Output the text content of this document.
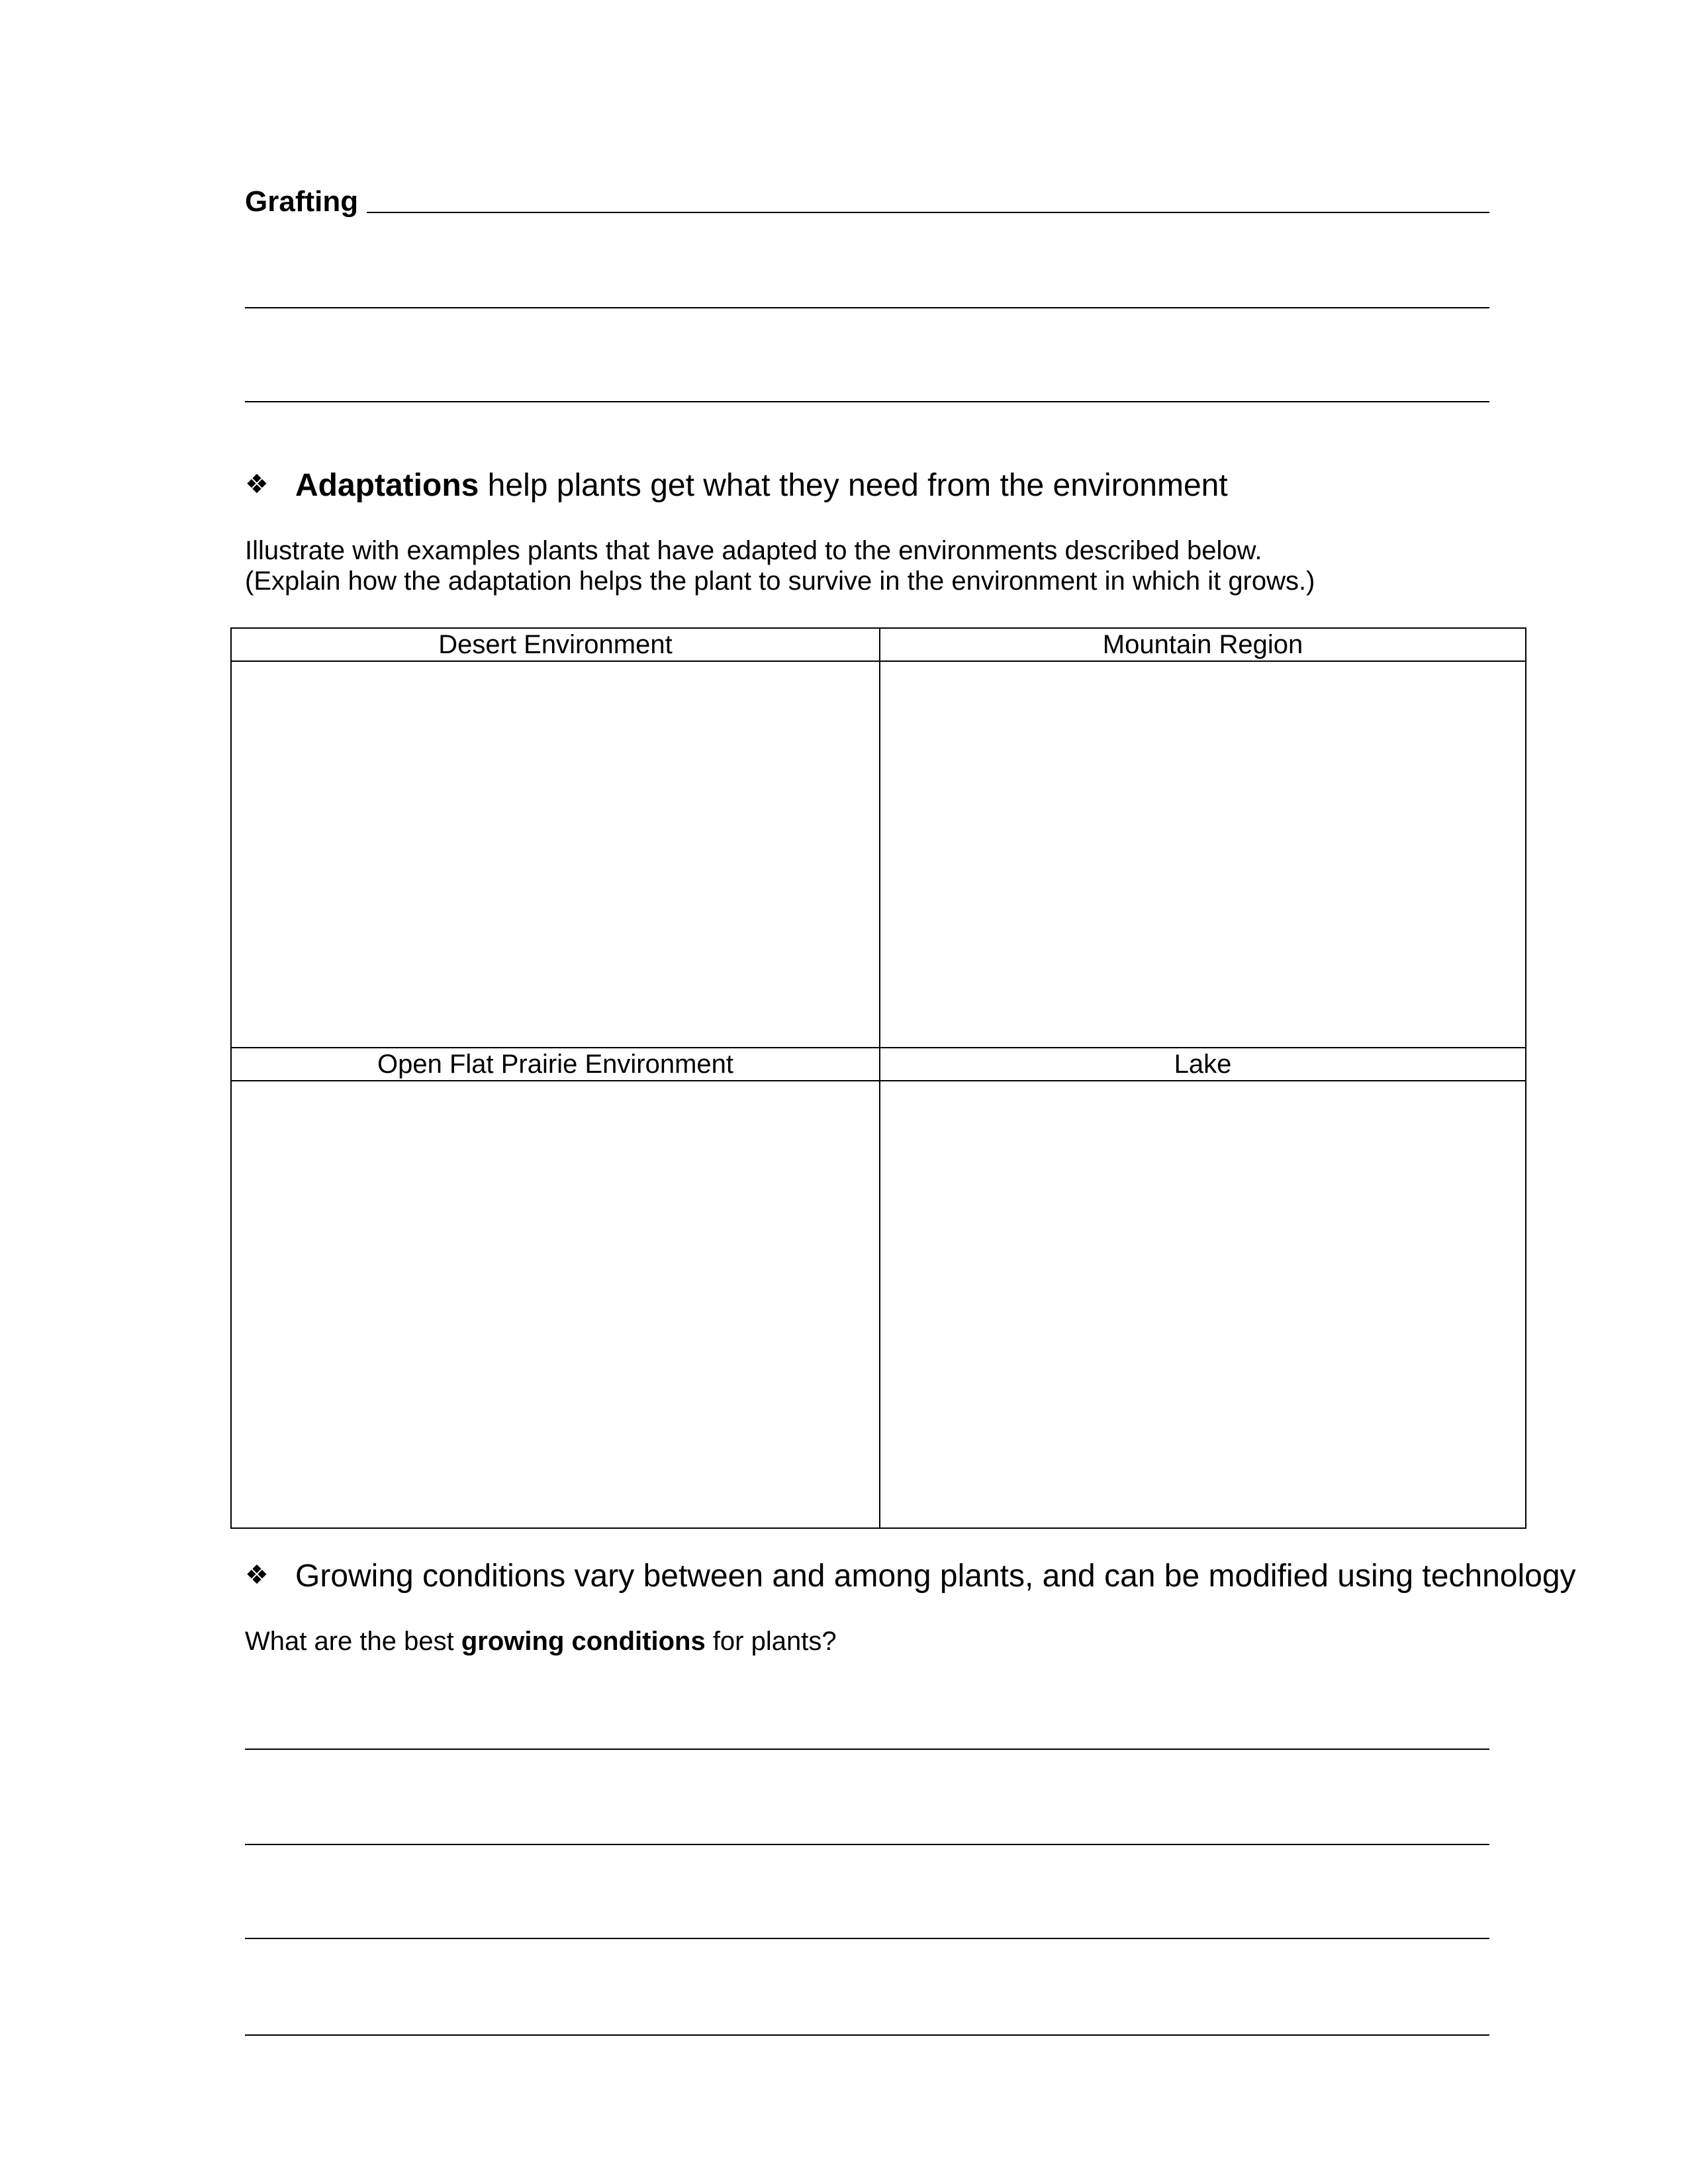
Grafting
❖ Adaptations help plants get what they need from the environment
Illustrate with examples plants that have adapted to the environments described below.
(Explain how the adaptation helps the plant to survive in the environment in which it grows.)
Desert Environment	Mountain Region
Open Flat Prairie Environment	Lake
❖ Growing conditions vary between and among plants, and can be modified using technology
What are the best growing conditions for plants?
